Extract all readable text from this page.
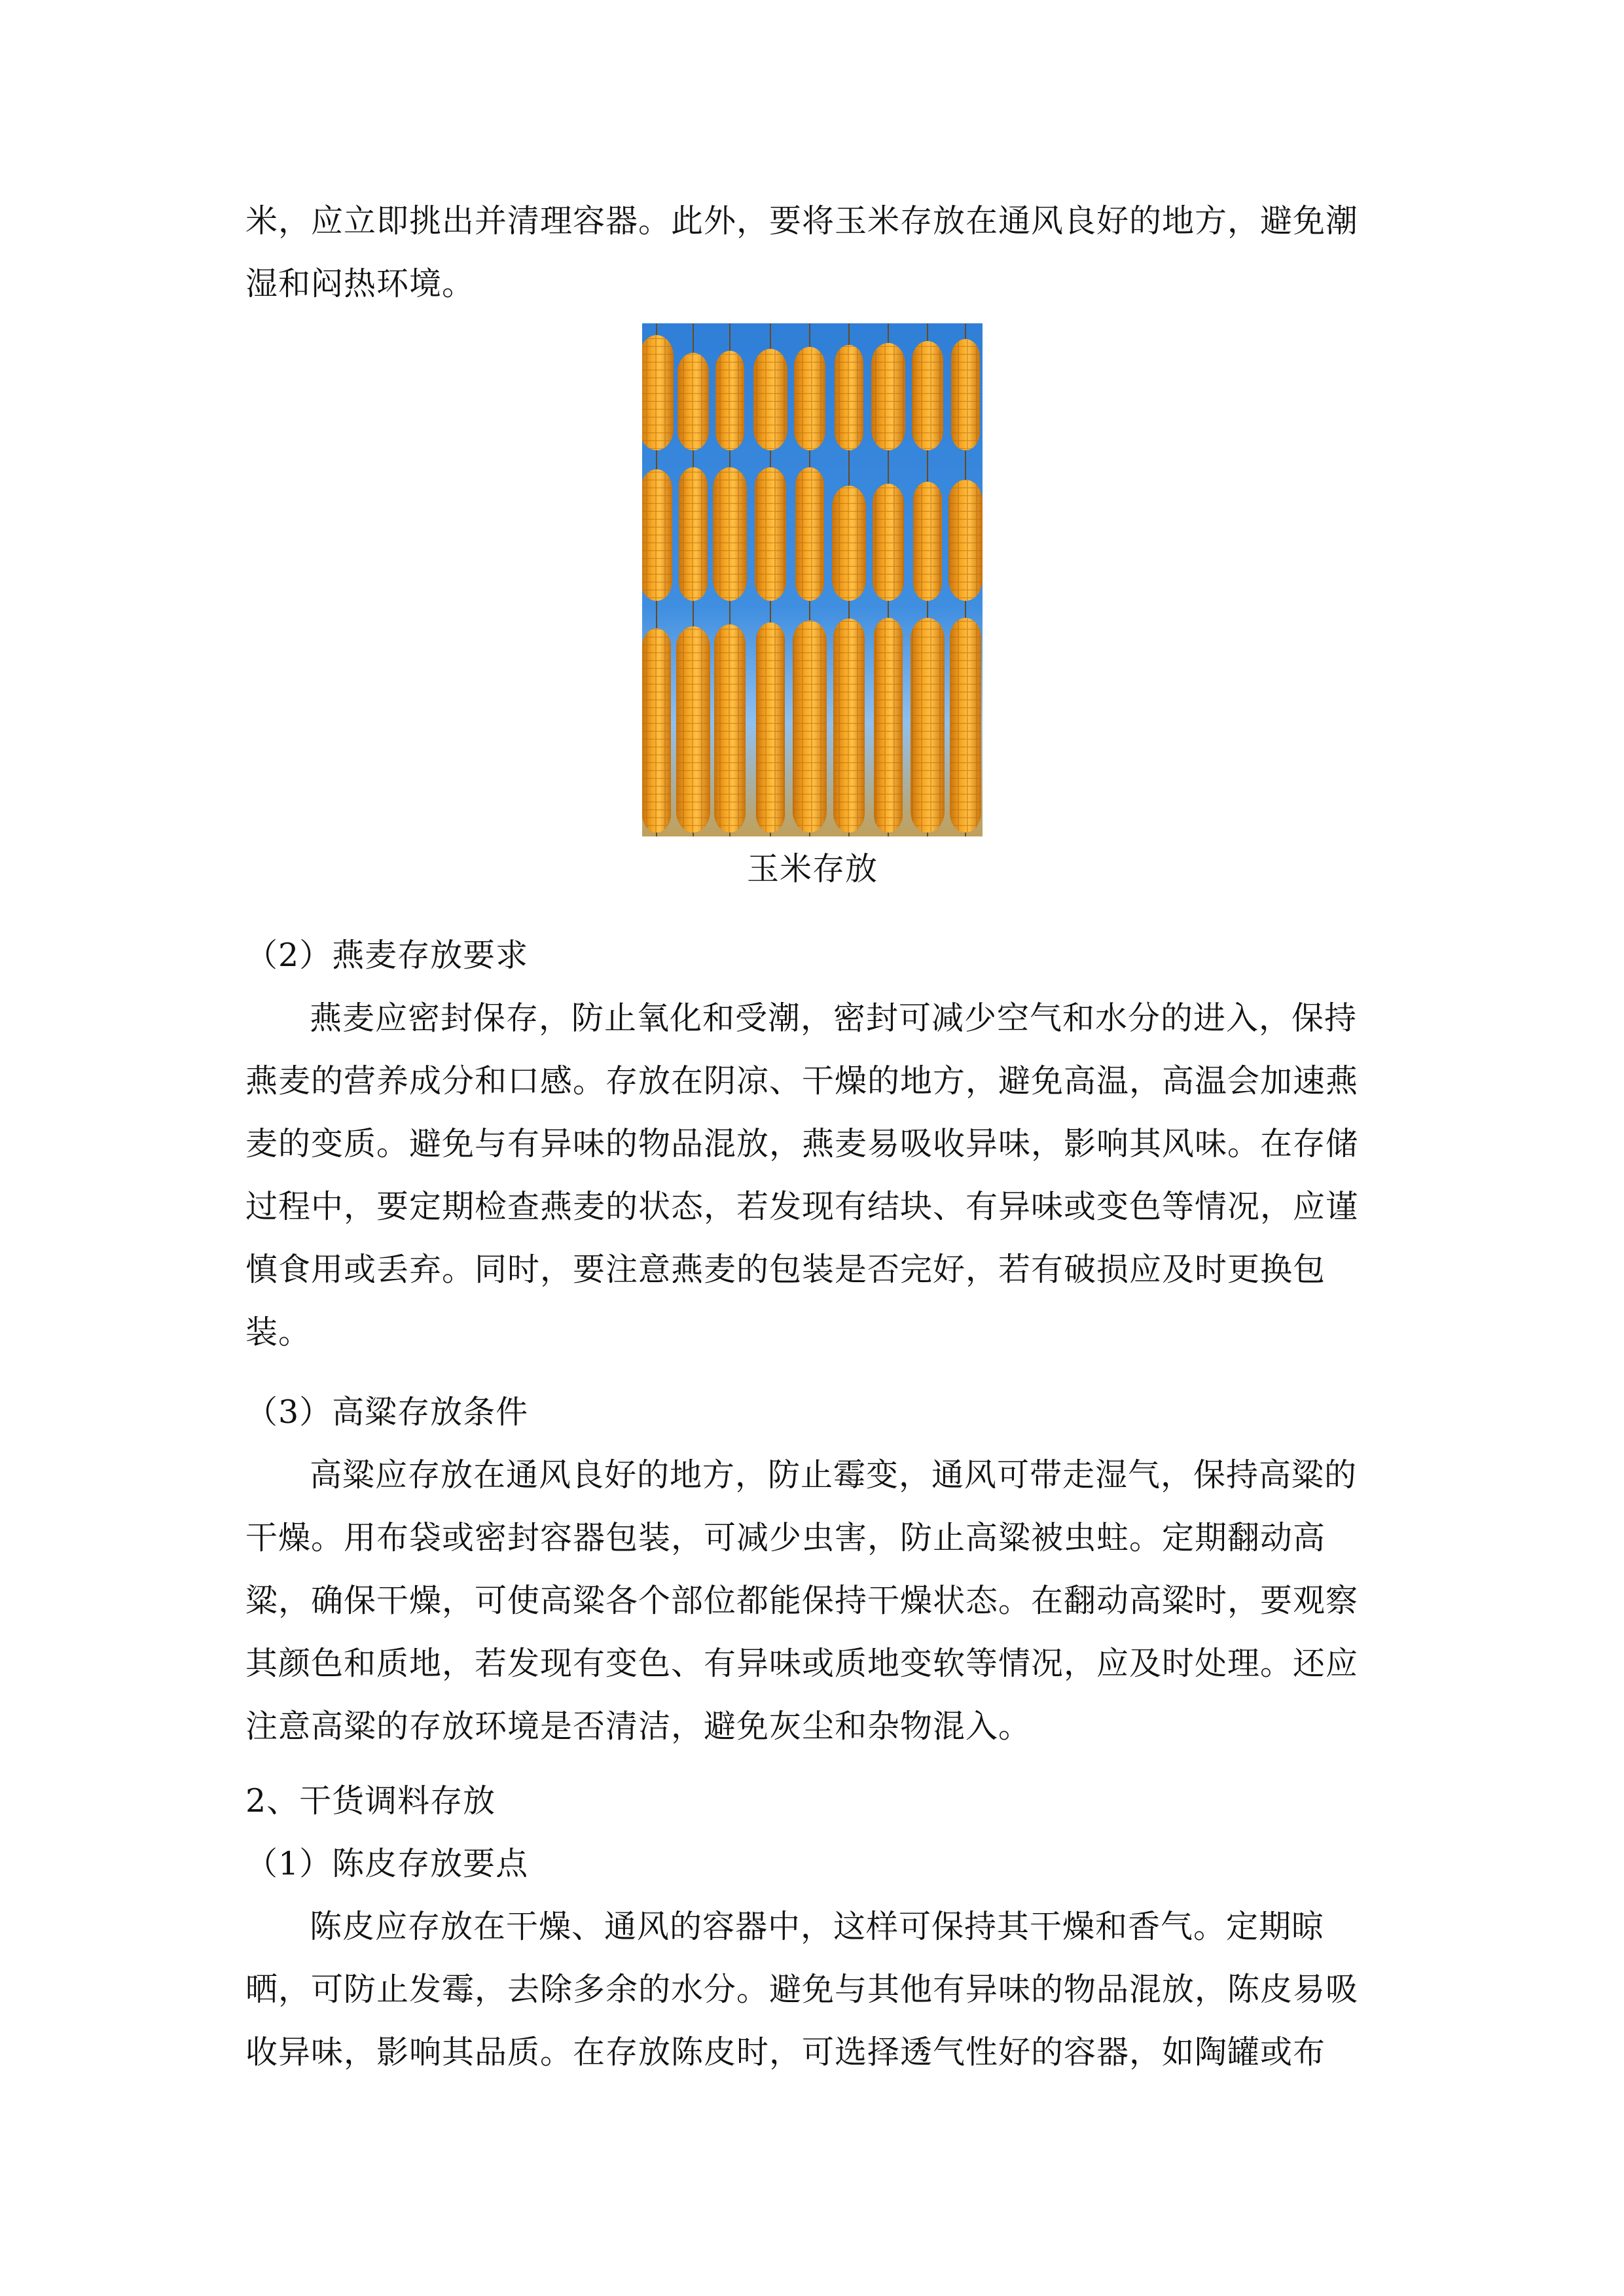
米，应立即挑出并清理容器。此外，要将玉米存放在通风良好的地方，避免潮湿和闷热环境。

玉米存放
（2）燕麦存放要求

燕麦应密封保存，防止氧化和受潮，密封可减少空气和水分的进入，保持燕麦的营养成分和口感。存放在阴凉、干燥的地方，避免高温，高温会加速燕麦的变质。避免与有异味的物品混放，燕麦易吸收异味，影响其风味。在存储过程中，要定期检查燕麦的状态，若发现有结块、有异味或变色等情况，应谨慎食用或丢弃。同时，要注意燕麦的包装是否完好，若有破损应及时更换包装。

（3）高粱存放条件

高粱应存放在通风良好的地方，防止霉变，通风可带走湿气，保持高粱的干燥。用布袋或密封容器包装，可减少虫害，防止高粱被虫蛀。定期翻动高粱，确保干燥，可使高粱各个部位都能保持干燥状态。在翻动高粱时，要观察其颜色和质地，若发现有变色、有异味或质地变软等情况，应及时处理。还应注意高粱的存放环境是否清洁，避免灰尘和杂物混入。

2、干货调料存放
（1）陈皮存放要点

陈皮应存放在干燥、通风的容器中，这样可保持其干燥和香气。定期晾晒，可防止发霉，去除多余的水分。避免与其他有异味的物品混放，陈皮易吸收异味，影响其品质。在存放陈皮时，可选择透气性好的容器，如陶罐或布
